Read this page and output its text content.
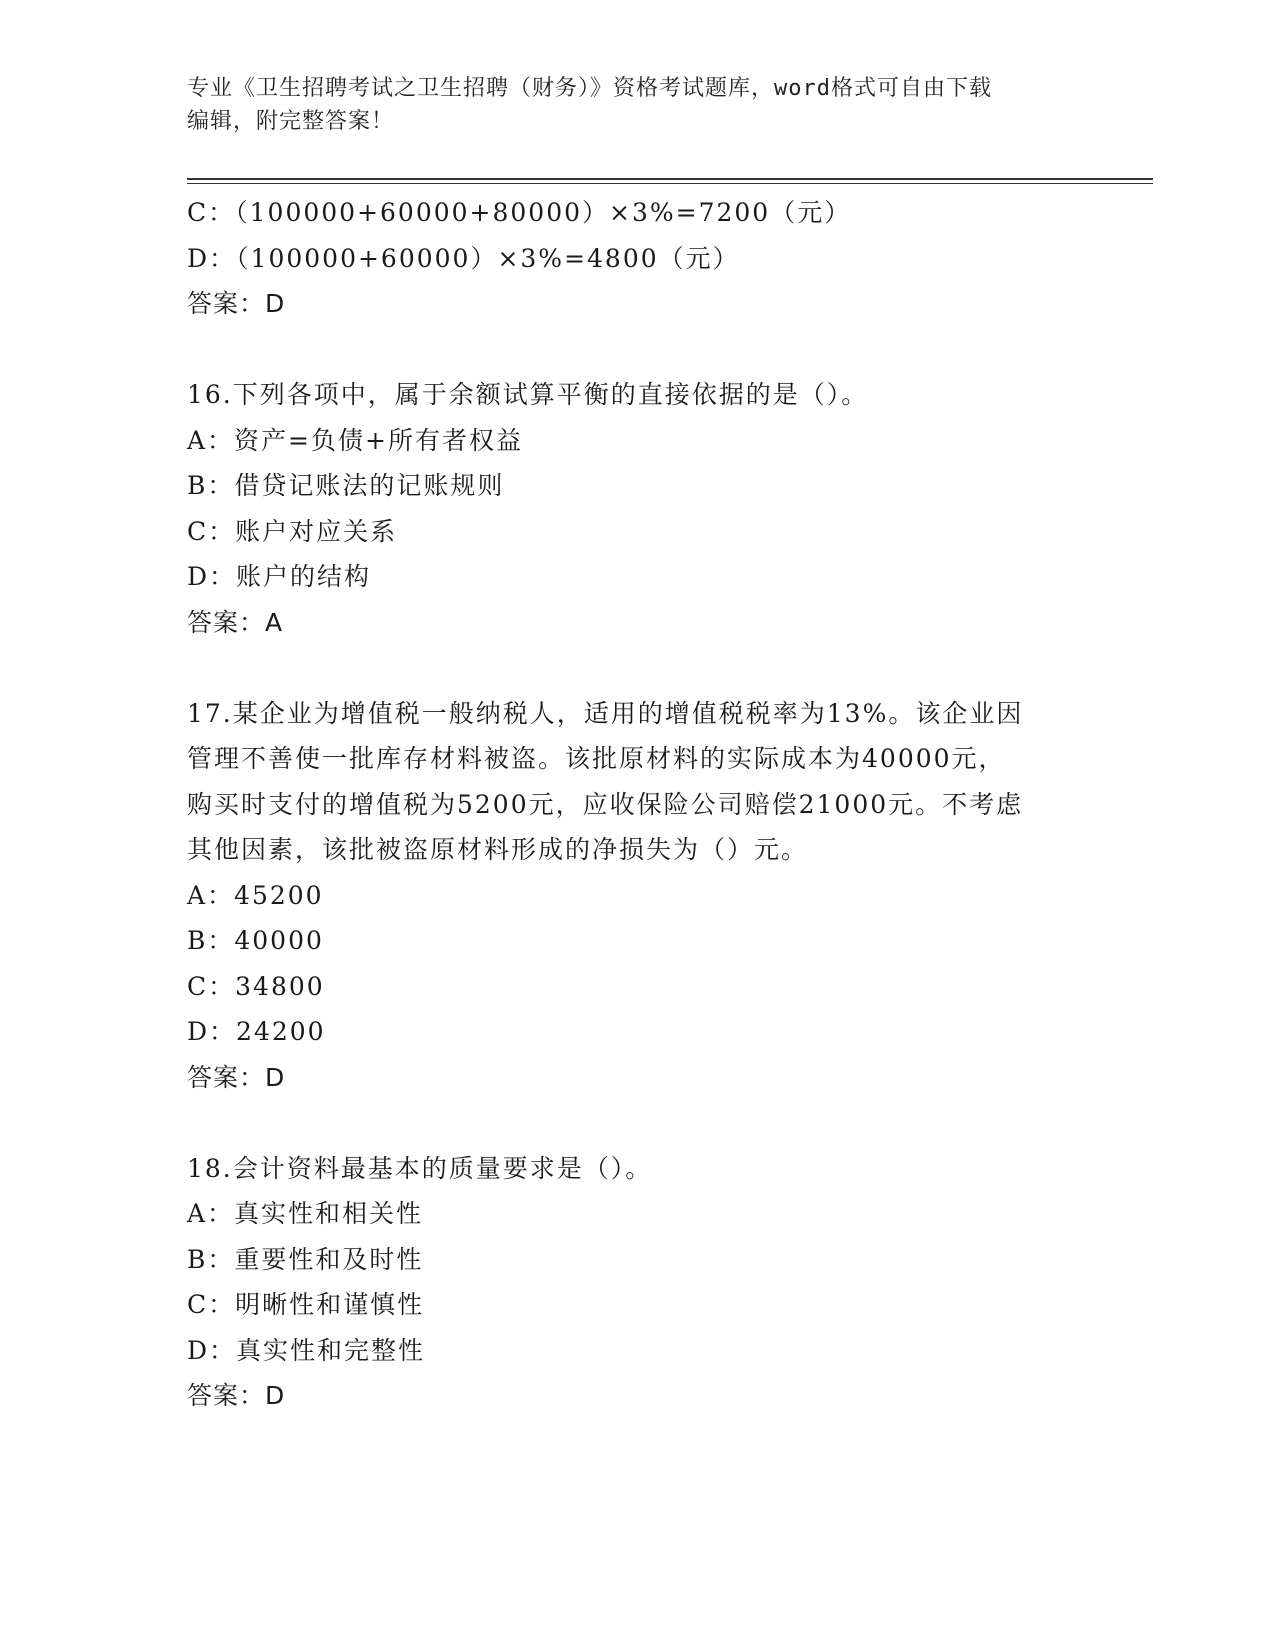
专业《卫生招聘考试之卫生招聘（财务）》资格考试题库，word格式可自由下载
编辑，附完整答案！
C：（100000+60000+80000）×3%=7200（元）
D：（100000+60000）×3%=4800（元）
答案：D
16.下列各项中，属于余额试算平衡的直接依据的是（）。
A：资产=负债+所有者权益
B：借贷记账法的记账规则
C：账户对应关系
D：账户的结构
答案：A
17.某企业为增值税一般纳税人，适用的增值税税率为13%。该企业因
管理不善使一批库存材料被盗。该批原材料的实际成本为40000元，
购买时支付的增值税为5200元，应收保险公司赔偿21000元。不考虑
其他因素，该批被盗原材料形成的净损失为（）元。
A：45200
B：40000
C：34800
D：24200
答案：D
18.会计资料最基本的质量要求是（）。
A：真实性和相关性
B：重要性和及时性
C：明晰性和谨慎性
D：真实性和完整性
答案：D
